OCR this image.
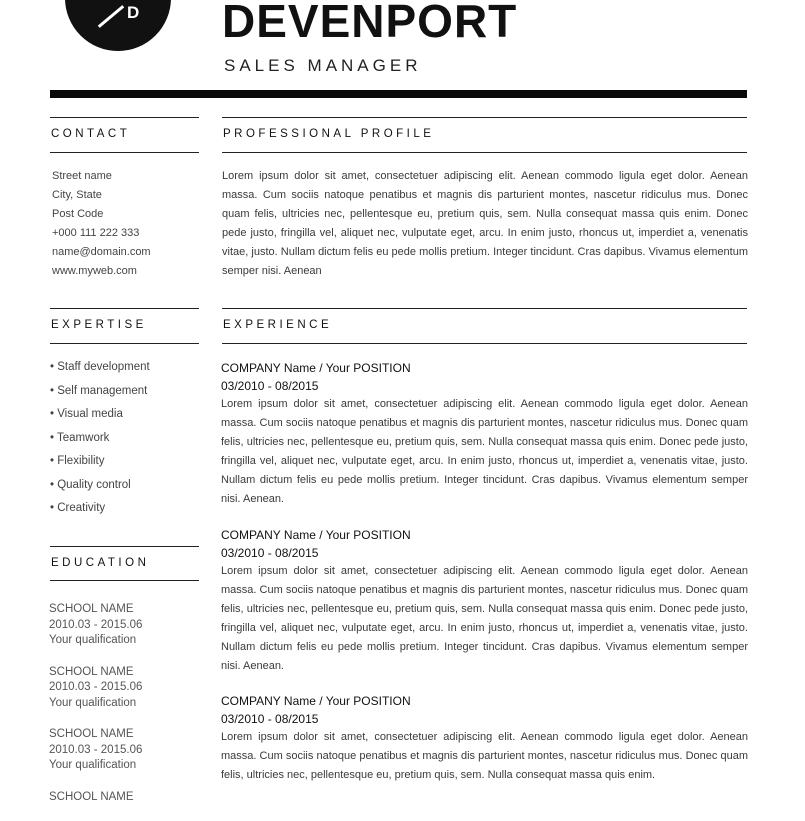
D DEVENPORT
SALES MANAGER
CONTACT
Street name
City, State
Post Code
+000 111 222 333
name@domain.com
www.myweb.com
EXPERTISE
• Staff development
• Self management
• Visual media
• Teamwork
• Flexibility
• Quality control
• Creativity
EDUCATION
SCHOOL NAME
2010.03 - 2015.06
Your qualification
SCHOOL NAME
2010.03 - 2015.06
Your qualification
SCHOOL NAME
2010.03 - 2015.06
Your qualification
SCHOOL NAME
PROFESSIONAL PROFILE
Lorem ipsum dolor sit amet, consectetuer adipiscing elit. Aenean commodo ligula eget dolor. Aenean massa. Cum sociis natoque penatibus et magnis dis parturient montes, nascetur ridiculus mus. Donec quam felis, ultricies nec, pellentesque eu, pretium quis, sem. Nulla consequat massa quis enim. Donec pede justo, fringilla vel, aliquet nec, vulputate eget, arcu. In enim justo, rhoncus ut, imperdiet a, venenatis vitae, justo. Nullam dictum felis eu pede mollis pretium. Integer tincidunt. Cras dapibus. Vivamus elementum semper nisi. Aenean
EXPERIENCE
COMPANY Name / Your POSITION
03/2010 - 08/2015
Lorem ipsum dolor sit amet, consectetuer adipiscing elit. Aenean commodo ligula eget dolor. Aenean massa. Cum sociis natoque penatibus et magnis dis parturient montes, nascetur ridiculus mus. Donec quam felis, ultricies nec, pellentesque eu, pretium quis, sem. Nulla consequat massa quis enim. Donec pede justo, fringilla vel, aliquet nec, vulputate eget, arcu. In enim justo, rhoncus ut, imperdiet a, venenatis vitae, justo. Nullam dictum felis eu pede mollis pretium. Integer tincidunt. Cras dapibus. Vivamus elementum semper nisi. Aenean.
COMPANY Name / Your POSITION
03/2010 - 08/2015
Lorem ipsum dolor sit amet, consectetuer adipiscing elit. Aenean commodo ligula eget dolor. Aenean massa. Cum sociis natoque penatibus et magnis dis parturient montes, nascetur ridiculus mus. Donec quam felis, ultricies nec, pellentesque eu, pretium quis, sem. Nulla consequat massa quis enim. Donec pede justo, fringilla vel, aliquet nec, vulputate eget, arcu. In enim justo, rhoncus ut, imperdiet a, venenatis vitae, justo. Nullam dictum felis eu pede mollis pretium. Integer tincidunt. Cras dapibus. Vivamus elementum semper nisi. Aenean.
COMPANY Name / Your POSITION
03/2010 - 08/2015
Lorem ipsum dolor sit amet, consectetuer adipiscing elit. Aenean commodo ligula eget dolor. Aenean massa. Cum sociis natoque penatibus et magnis dis parturient montes, nascetur ridiculus mus. Donec quam felis, ultricies nec, pellentesque eu, pretium quis, sem. Nulla consequat massa quis enim.
